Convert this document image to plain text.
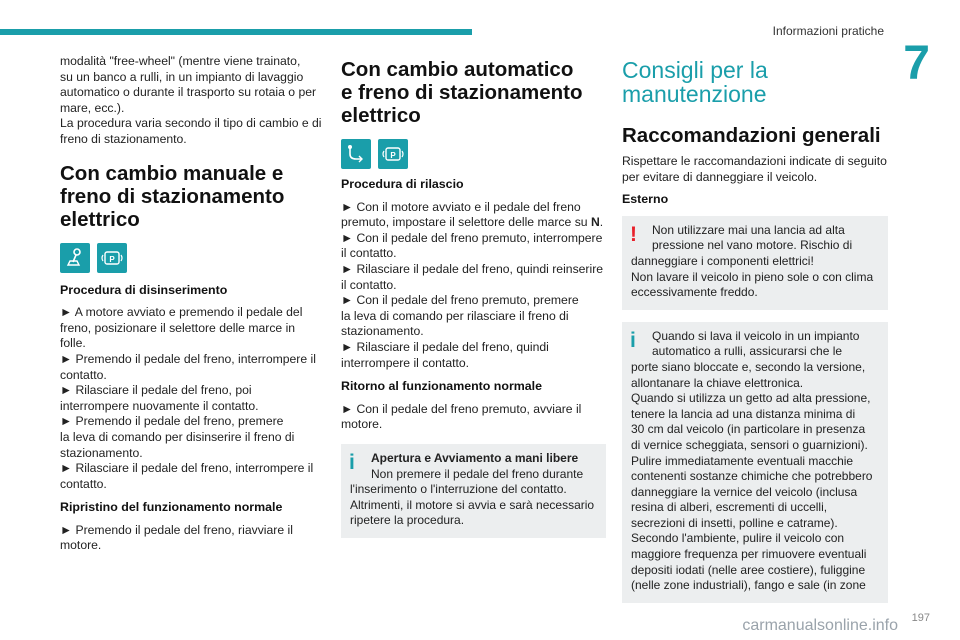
Informazioni pratiche
7

modalità "free-wheel" (mentre viene trainato,

su un banco a rulli, in un impianto di lavaggio

automatico o durante il trasporto su rotaia o per

mare, ecc.).

La procedura varia secondo il tipo di cambio e di

freno di stazionamento.

Con cambio manuale e
freno di stazionamento
elettrico
P
Procedura di disinserimento

► A motore avviato e premendo il pedale del

freno, posizionare il selettore delle marce in folle.

► Premendo il pedale del freno, interrompere il

contatto.

► Rilasciare il pedale del freno, poi

interrompere nuovamente il contatto.

► Premendo il pedale del freno, premere

la leva di comando per disinserire il freno di

stazionamento.

► Rilasciare il pedale del freno, interrompere il

contatto.

Ripristino del funzionamento normale

► Premendo il pedale del freno, riavviare il

motore.

Con cambio automatico
e freno di stazionamento
elettrico
P
Procedura di rilascio

► Con il motore avviato e il pedale del freno

premuto, impostare il selettore delle marce su N.

► Con il pedale del freno premuto, interrompere

il contatto.

► Rilasciare il pedale del freno, quindi reinserire

il contatto.

► Con il pedale del freno premuto, premere

la leva di comando per rilasciare il freno di

stazionamento.

► Rilasciare il pedale del freno, quindi

interrompere il contatto.

Ritorno al funzionamento normale

► Con il pedale del freno premuto, avviare il

motore.

i Apertura e Avviamento a mani libere

Non premere il pedale del freno durante

l'inserimento o l'interruzione del contatto.

Altrimenti, il motore si avvia e sarà necessario

ripetere la procedura.

Consigli per la
manutenzione
Raccomandazioni generali

Rispettare le raccomandazioni indicate di seguito

per evitare di danneggiare il veicolo.

Esterno
! Non utilizzare mai una lancia ad alta

pressione nel vano motore. Rischio di

danneggiare i componenti elettrici!

Non lavare il veicolo in pieno sole o con clima

eccessivamente freddo.

i Quando si lava il veicolo in un impianto

automatico a rulli, assicurarsi che le

porte siano bloccate e, secondo la versione,

allontanare la chiave elettronica.

Quando si utilizza un getto ad alta pressione,

tenere la lancia ad una distanza minima di

30 cm dal veicolo (in particolare in presenza

di vernice scheggiata, sensori o guarnizioni).

Pulire immediatamente eventuali macchie

contenenti sostanze chimiche che potrebbero

danneggiare la vernice del veicolo (inclusa

resina di alberi, escrementi di uccelli,

secrezioni di insetti, polline e catrame).

Secondo l'ambiente, pulire il veicolo con

maggiore frequenza per rimuovere eventuali

depositi iodati (nelle aree costiere), fuliggine

(nelle zone industriali), fango e sale (in zone

carmanualsonline.info 197
